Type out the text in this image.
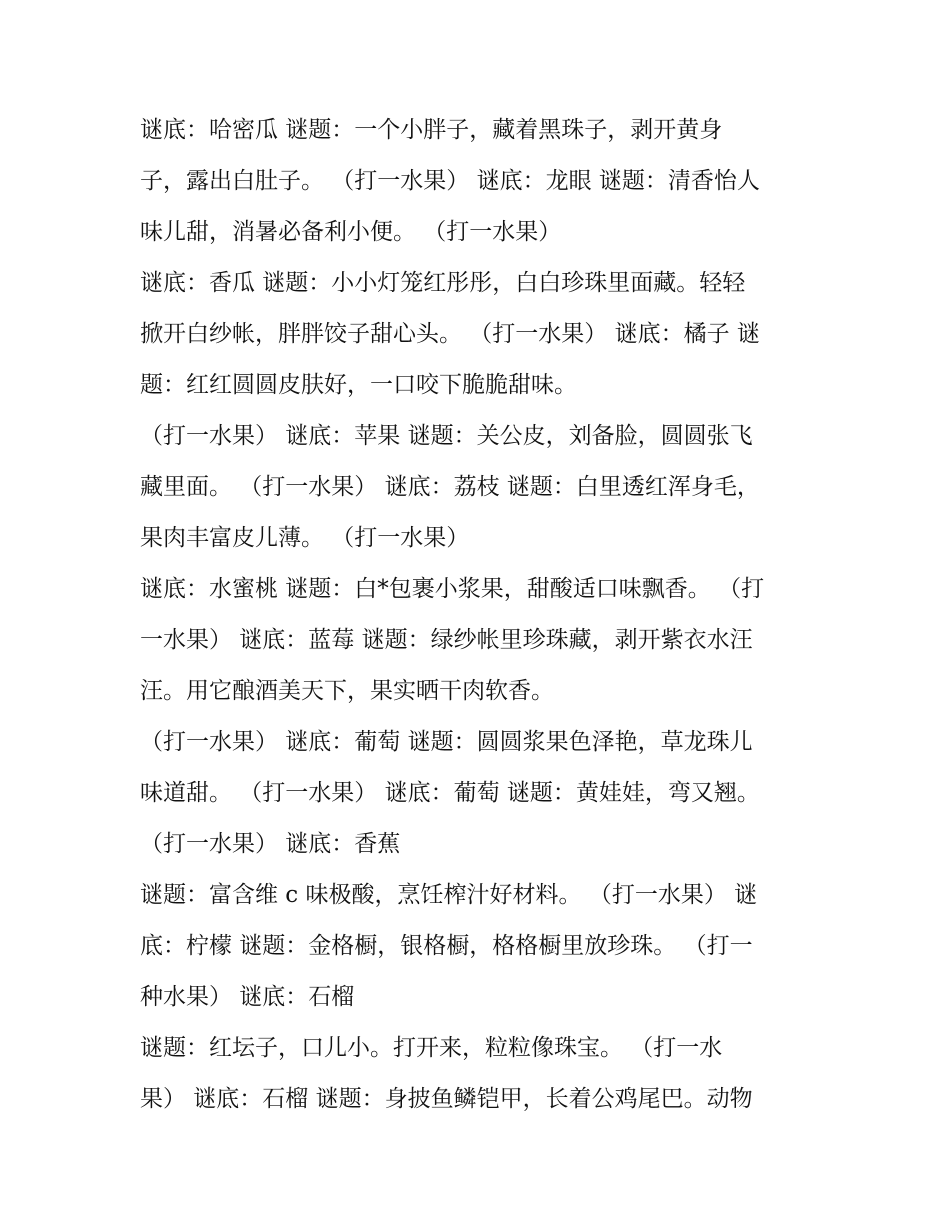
谜底：哈密瓜 谜题：一个小胖子，藏着黑珠子，剥开黄身
子，露出白肚子。 （打一水果） 谜底：龙眼 谜题：清香怡人
味儿甜，消暑必备利小便。 （打一水果）
谜底：香瓜 谜题：小小灯笼红彤彤，白白珍珠里面藏。轻轻
掀开白纱帐，胖胖饺子甜心头。 （打一水果） 谜底：橘子 谜
题：红红圆圆皮肤好，一口咬下脆脆甜味。
（打一水果） 谜底：苹果 谜题：关公皮，刘备脸，圆圆张飞
藏里面。 （打一水果） 谜底：荔枝 谜题：白里透红浑身毛，
果肉丰富皮儿薄。 （打一水果）
谜底：水蜜桃 谜题：白*包裹小浆果，甜酸适口味飘香。 （打
一水果） 谜底：蓝莓 谜题：绿纱帐里珍珠藏，剥开紫衣水汪
汪。用它酿酒美天下，果实晒干肉软香。
（打一水果） 谜底：葡萄 谜题：圆圆浆果色泽艳，草龙珠儿
味道甜。 （打一水果） 谜底：葡萄 谜题：黄娃娃，弯又翘。
（打一水果） 谜底：香蕉
谜题：富含维 c 味极酸，烹饪榨汁好材料。 （打一水果） 谜
底：柠檬 谜题：金格橱，银格橱，格格橱里放珍珠。 （打一
种水果） 谜底：石榴
谜题：红坛子，口儿小。打开来，粒粒像珠宝。 （打一水
果） 谜底：石榴 谜题：身披鱼鳞铠甲，长着公鸡尾巴。动物
